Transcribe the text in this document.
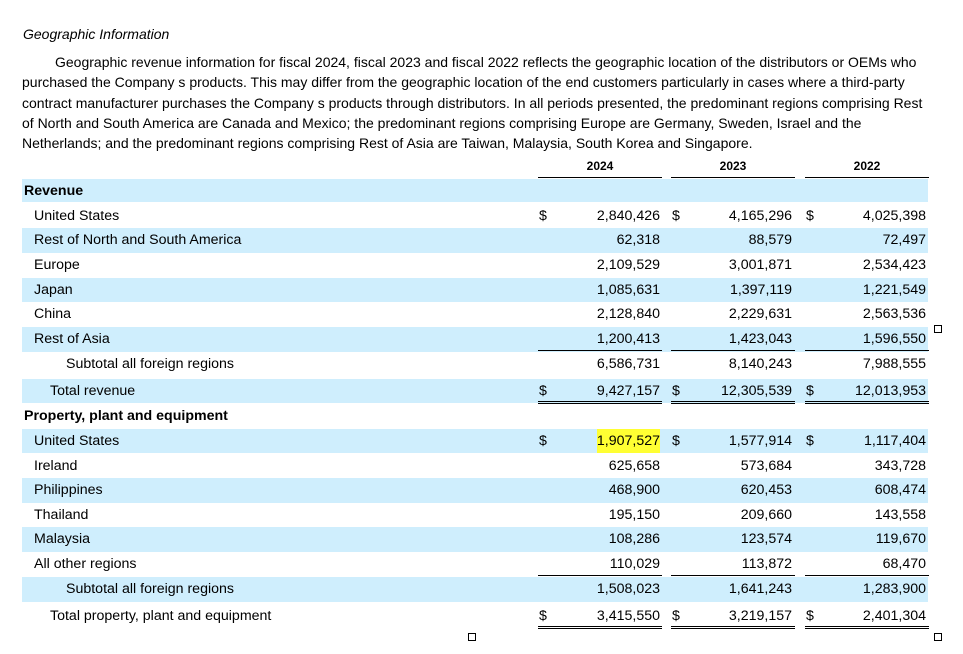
Geographic Information
Geographic revenue information for fiscal 2024, fiscal 2023 and fiscal 2022 reflects the geographic location of the distributors or OEMs who purchased the Company s products. This may differ from the geographic location of the end customers particularly in cases where a third-party contract manufacturer purchases the Company s products through distributors. In all periods presented, the predominant regions comprising Rest of North and South America are Canada and Mexico; the predominant regions comprising Europe are Germany, Sweden, Israel and the Netherlands; and the predominant regions comprising Rest of Asia are Taiwan, Malaysia, South Korea and Singapore.
2024	2023	2022
Revenue
United States	$	2,840,426 $	4,165,296 $	4,025,398
Rest of North and South America	62,318	88,579	72,497
Europe	2,109,529	3,001,871	2,534,423
Japan	1,085,631	1,397,119	1,221,549
China	2,128,840	2,229,631	2,563,536
Rest of Asia	1,200,413	1,423,043	1,596,550
Subtotal all foreign regions	6,586,731	8,140,243	7,988,555
Total revenue	$	9,427,157 $	12,305,539 $	12,013,953
Property, plant and equipment
United States	$	1,907,527 $	1,577,914 $	1,117,404
Ireland	625,658	573,684	343,728
Philippines	468,900	620,453	608,474
Thailand	195,150	209,660	143,558
Malaysia	108,286	123,574	119,670
All other regions	110,029	113,872	68,470
Subtotal all foreign regions	1,508,023	1,641,243	1,283,900
Total property, plant and equipment	$	3,415,550 $	3,219,157 $	2,401,304
